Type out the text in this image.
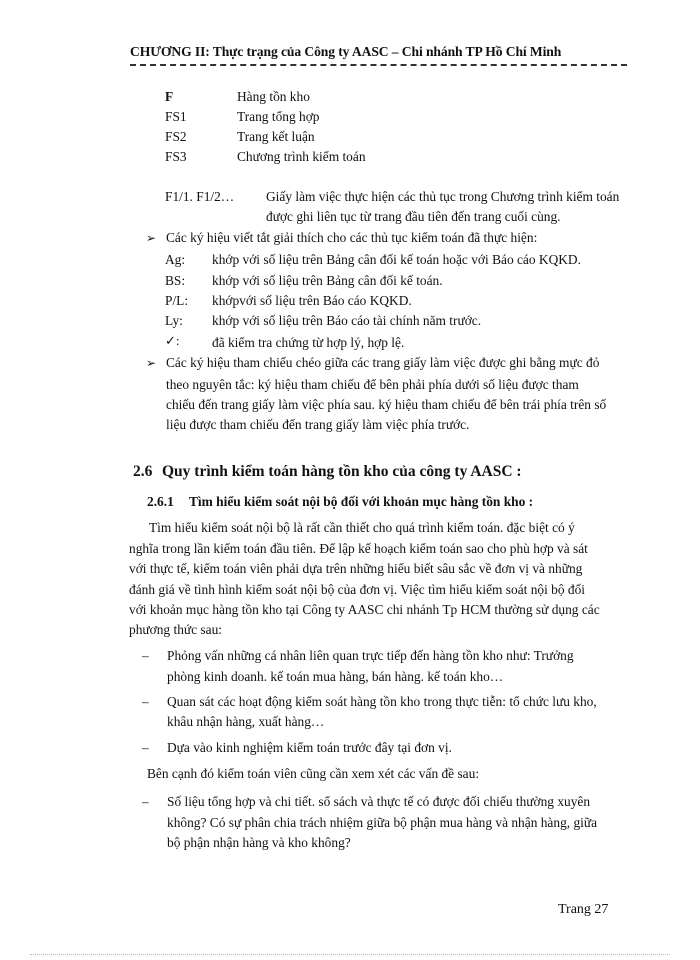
CHƯƠNG II: Thực trạng của Công ty AASC – Chi nhánh TP Hồ Chí Minh
F	Hàng tồn kho
FS1	Trang tổng hợp
FS2	Trang kết luận
FS3	Chương trình kiểm toán
F1/1. F1/2… Giấy làm việc thực hiện các thủ tục trong Chương trình kiểm toán
được ghi liên tục từ trang đầu tiên đến trang cuối cùng.
➢ Các ký hiệu viết tắt giải thích cho các thủ tục kiểm toán đã thực hiện:
Ag: khớp với số liệu trên Bảng cân đối kế toán hoặc với Báo cáo KQKD.
BS: khớp với số liệu trên Bảng cân đối kế toán.
P/L: khớpvới số liệu trên Báo cáo KQKD.
Ly: khớp với số liệu trên Báo cáo tài chính năm trước.
✓: đã kiểm tra chứng từ hợp lý, hợp lệ.
➢ Các ký hiệu tham chiếu chéo giữa các trang giấy làm việc được ghi bằng mực đỏ
theo nguyên tắc: ký hiệu tham chiếu để bên phải phía dưới số liệu được tham
chiếu đến trang giấy làm việc phía sau. ký hiệu tham chiếu để bên trái phía trên số
liệu được tham chiếu đến trang giấy làm việc phía trước.
2.6 Quy trình kiểm toán hàng tồn kho của công ty AASC :
2.6.1 Tìm hiểu kiểm soát nội bộ đối với khoản mục hàng tồn kho :
Tìm hiểu kiểm soát nội bộ là rất cần thiết cho quá trình kiểm toán. đặc biệt có ý
nghĩa trong lần kiểm toán đầu tiên. Để lập kế hoạch kiểm toán sao cho phù hợp và sát
với thực tế, kiểm toán viên phải dựa trên những hiểu biết sâu sắc về đơn vị và những
đánh giá về tình hình kiểm soát nội bộ của đơn vị. Việc tìm hiểu kiểm soát nội bộ đối
với khoản mục hàng tồn kho tại Công ty AASC chi nhánh Tp HCM thường sử dụng các
phương thức sau:
– Phỏng vấn những cá nhân liên quan trực tiếp đến hàng tồn kho như: Trưởng
phòng kinh doanh. kế toán mua hàng, bán hàng. kế toán kho…
– Quan sát các hoạt động kiểm soát hàng tồn kho trong thực tiễn: tổ chức lưu kho,
khâu nhận hàng, xuất hàng…
– Dựa vào kinh nghiệm kiểm toán trước đây tại đơn vị.
Bên cạnh đó kiểm toán viên cũng cần xem xét các vấn đề sau:
– Số liệu tổng hợp và chi tiết. sổ sách và thực tế có được đối chiếu thường xuyên
không? Có sự phân chia trách nhiệm giữa bộ phận mua hàng và nhận hàng, giữa
bộ phận nhận hàng và kho không?
Trang 27
